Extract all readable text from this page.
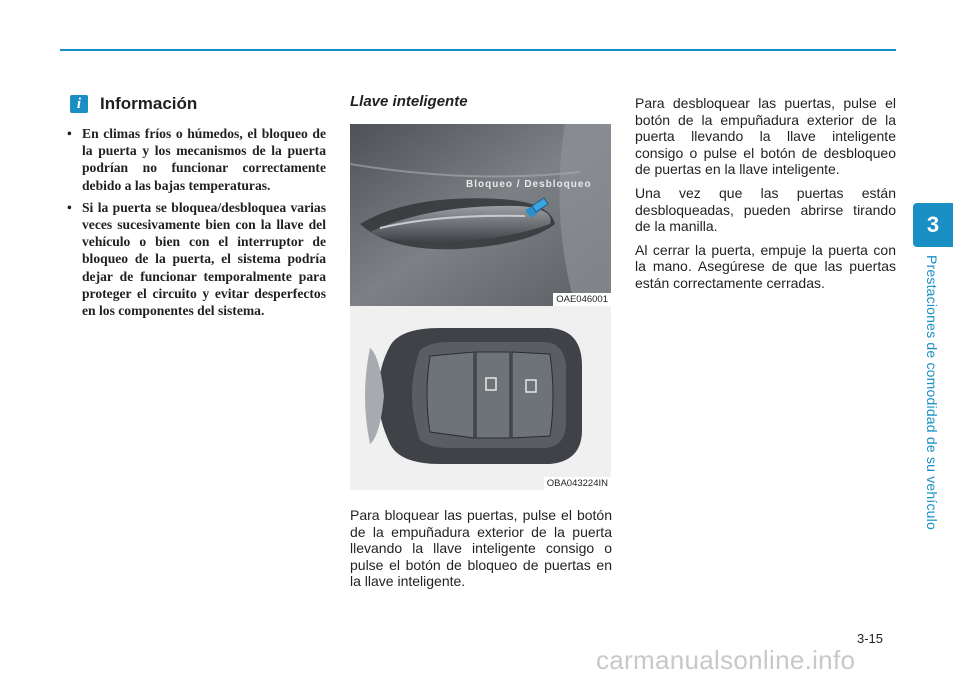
3
Prestaciones de comodidad de su vehículo
i	Información
• En climas fríos o húmedos, el bloqueo de la puerta y los mecanismos de la puerta podrían no funcionar correctamente debido a las bajas temperaturas.
• Si la puerta se bloquea/desbloquea varias veces sucesivamente bien con la llave del vehículo o bien con el interruptor de bloqueo de la puerta, el sistema podría dejar de funcionar temporalmente para proteger el circuito y evitar desperfectos en los componentes del sistema.
Llave inteligente
Bloqueo / Desbloqueo
OAE046001
OBA043224IN

Para bloquear las puertas, pulse el botón de la empuñadura exterior de la puerta llevando la llave inteligente consigo o pulse el botón de bloqueo de puertas en la llave inteligente.

Para desbloquear las puertas, pulse el botón de la empuñadura exterior de la puerta llevando la llave inteligente consigo o pulse el botón de desbloqueo de puertas en la llave inteligente.

Una vez que las puertas están desbloqueadas, pueden abrirse tirando de la manilla.

Al cerrar la puerta, empuje la puerta con la mano. Asegúrese de que las puertas están correctamente cerradas.

3-15
carmanualsonline.info
